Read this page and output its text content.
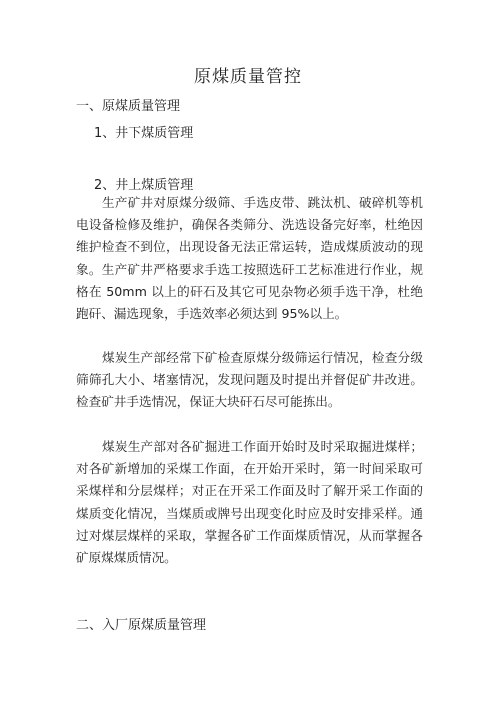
原煤质量管控
一、原煤质量管理
1、井下煤质管理
2、井上煤质管理
生产矿井对原煤分级筛、手选皮带、跳汰机、破碎机等机电设备检修及维护，确保各类筛分、洗选设备完好率，杜绝因维护检查不到位，出现设备无法正常运转，造成煤质波动的现象。生产矿井严格要求手选工按照选矸工艺标准进行作业，规格在 50mm 以上的矸石及其它可见杂物必须手选干净，杜绝跑矸、漏选现象，手选效率必须达到 95%以上。
煤炭生产部经常下矿检查原煤分级筛运行情况，检查分级筛筛孔大小、堵塞情况，发现问题及时提出并督促矿井改进。检查矿井手选情况，保证大块矸石尽可能拣出。
煤炭生产部对各矿掘进工作面开始时及时采取掘进煤样；对各矿新增加的采煤工作面，在开始开采时，第一时间采取可采煤样和分层煤样；对正在开采工作面及时了解开采工作面的煤质变化情况，当煤质或牌号出现变化时应及时安排采样。通过对煤层煤样的采取，掌握各矿工作面煤质情况，从而掌握各矿原煤煤质情况。
二、入厂原煤质量管理
